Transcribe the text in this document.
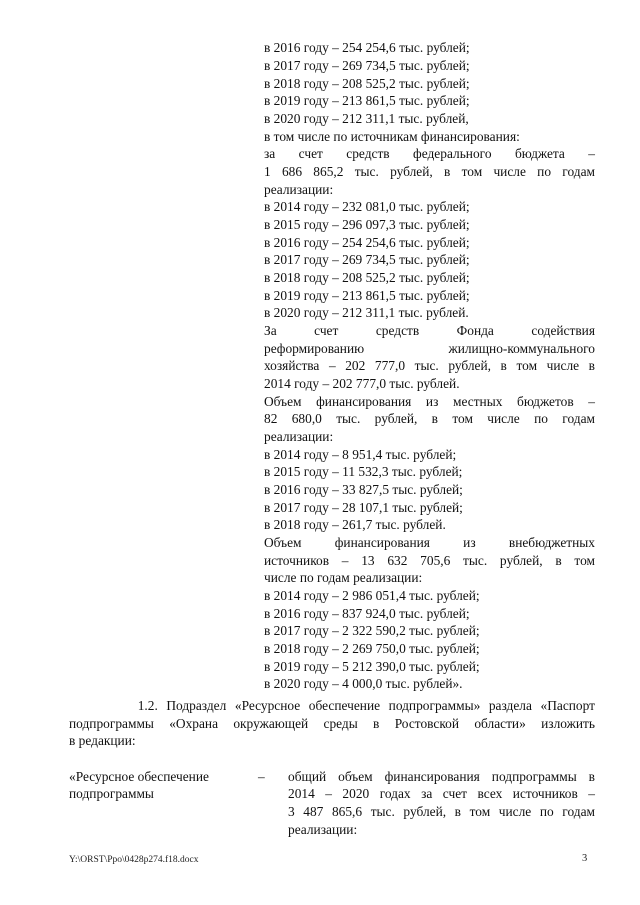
в 2016 году – 254 254,6 тыс. рублей;
в 2017 году – 269 734,5 тыс. рублей;
в 2018 году – 208 525,2 тыс. рублей;
в 2019 году – 213 861,5 тыс. рублей;
в 2020 году – 212 311,1 тыс. рублей,
в том числе по источникам финансирования:
за счет средств федерального бюджета –
1 686 865,2 тыс. рублей, в том числе по годам
реализации:
в 2014 году – 232 081,0 тыс. рублей;
в 2015 году – 296 097,3 тыс. рублей;
в 2016 году – 254 254,6 тыс. рублей;
в 2017 году – 269 734,5 тыс. рублей;
в 2018 году – 208 525,2 тыс. рублей;
в 2019 году – 213 861,5 тыс. рублей;
в 2020 году – 212 311,1 тыс. рублей.
За счет средств Фонда содействия
реформированию жилищно-коммунального
хозяйства – 202 777,0 тыс. рублей, в том числе в
2014 году – 202 777,0 тыс. рублей.
Объем финансирования из местных бюджетов –
82 680,0 тыс. рублей, в том числе по годам
реализации:
в 2014 году – 8 951,4 тыс. рублей;
в 2015 году – 11 532,3 тыс. рублей;
в 2016 году – 33 827,5 тыс. рублей;
в 2017 году – 28 107,1 тыс. рублей;
в 2018 году – 261,7 тыс. рублей.
Объем финансирования из внебюджетных
источников – 13 632 705,6 тыс. рублей, в том
числе по годам реализации:
в 2014 году – 2 986 051,4 тыс. рублей;
в 2016 году – 837 924,0 тыс. рублей;
в 2017 году – 2 322 590,2 тыс. рублей;
в 2018 году – 2 269 750,0 тыс. рублей;
в 2019 году – 5 212 390,0 тыс. рублей;
в 2020 году – 4 000,0 тыс. рублей».
1.2. Подраздел «Ресурсное обеспечение подпрограммы» раздела «Паспорт
подпрограммы «Охрана окружающей среды в Ростовской области» изложить
в редакции:
«Ресурсное обеспечение
подпрограммы
– общий объем финансирования подпрограммы в
2014 – 2020 годах за счет всех источников –
3 487 865,6 тыс. рублей, в том числе по годам
реализации:
Y:\ORST\Ppo\0428p274.f18.docx	3
